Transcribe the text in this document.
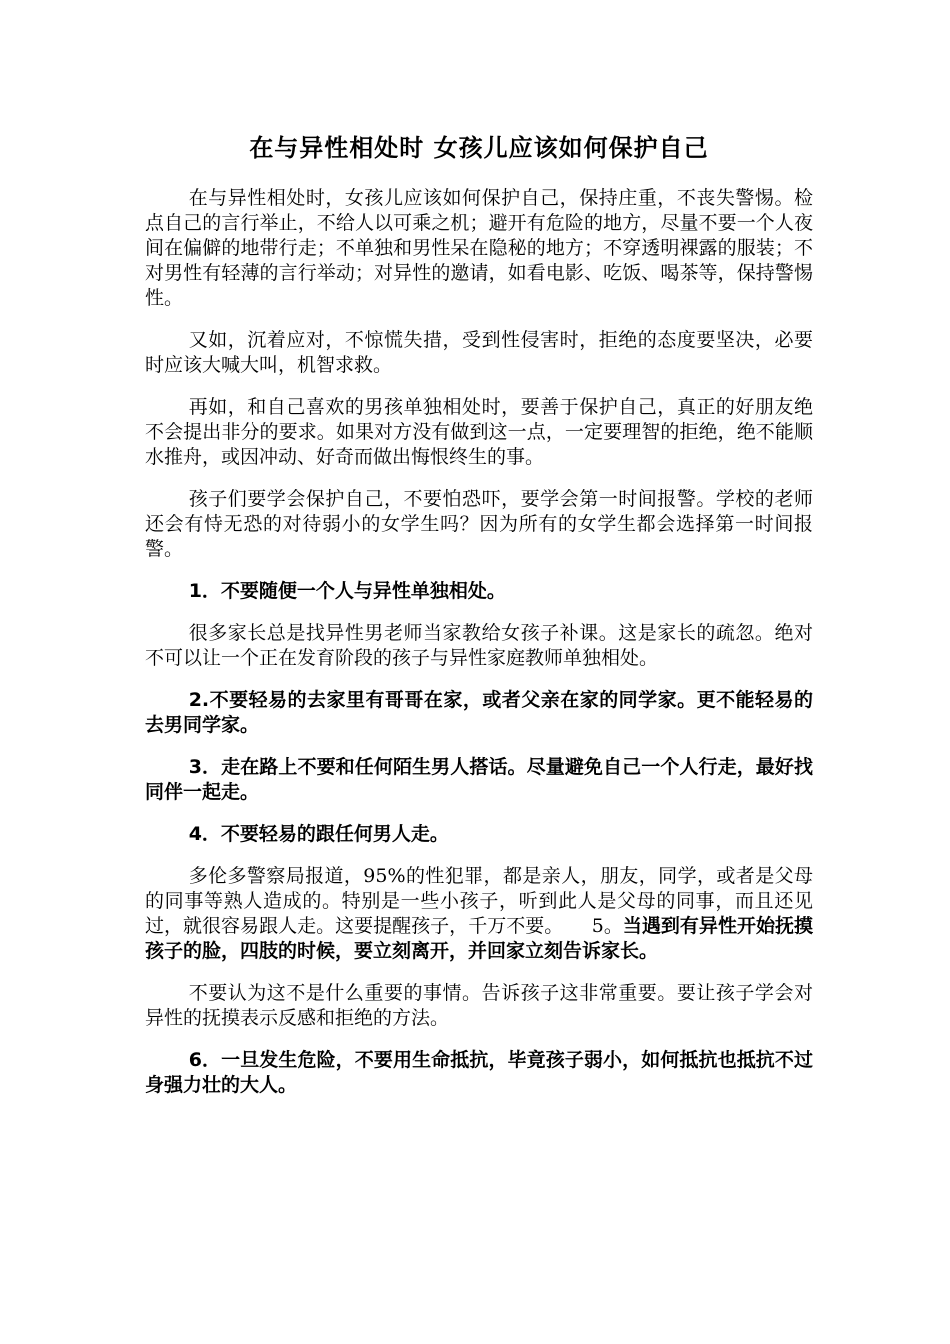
在与异性相处时 女孩儿应该如何保护自己

在与异性相处时，女孩儿应该如何保护自己，保持庄重，不丧失警惕。检点自己的言行举止，不给人以可乘之机；避开有危险的地方，尽量不要一个人夜间在偏僻的地带行走；不单独和男性呆在隐秘的地方；不穿透明裸露的服装；不对男性有轻薄的言行举动；对异性的邀请，如看电影、吃饭、喝茶等，保持警惕性。

又如，沉着应对，不惊慌失措，受到性侵害时，拒绝的态度要坚决，必要时应该大喊大叫，机智求救。

再如，和自己喜欢的男孩单独相处时，要善于保护自己，真正的好朋友绝不会提出非分的要求。如果对方没有做到这一点，一定要理智的拒绝，绝不能顺水推舟，或因冲动、好奇而做出悔恨终生的事。

孩子们要学会保护自己，不要怕恐吓，要学会第一时间报警。学校的老师还会有恃无恐的对待弱小的女学生吗？因为所有的女学生都会选择第一时间报警。

1．不要随便一个人与异性单独相处。

很多家长总是找异性男老师当家教给女孩子补课。这是家长的疏忽。绝对不可以让一个正在发育阶段的孩子与异性家庭教师单独相处。

2.不要轻易的去家里有哥哥在家，或者父亲在家的同学家。更不能轻易的去男同学家。

3．走在路上不要和任何陌生男人搭话。尽量避免自己一个人行走，最好找同伴一起走。

4．不要轻易的跟任何男人走。

多伦多警察局报道，95%的性犯罪，都是亲人，朋友，同学，或者是父母的同事等熟人造成的。特别是一些小孩子，听到此人是父母的同事，而且还见过，就很容易跟人走。这要提醒孩子，千万不要。　　5。当遇到有异性开始抚摸孩子的脸，四肢的时候，要立刻离开，并回家立刻告诉家长。

不要认为这不是什么重要的事情。告诉孩子这非常重要。要让孩子学会对异性的抚摸表示反感和拒绝的方法。

6．一旦发生危险，不要用生命抵抗，毕竟孩子弱小，如何抵抗也抵抗不过身强力壮的大人。
